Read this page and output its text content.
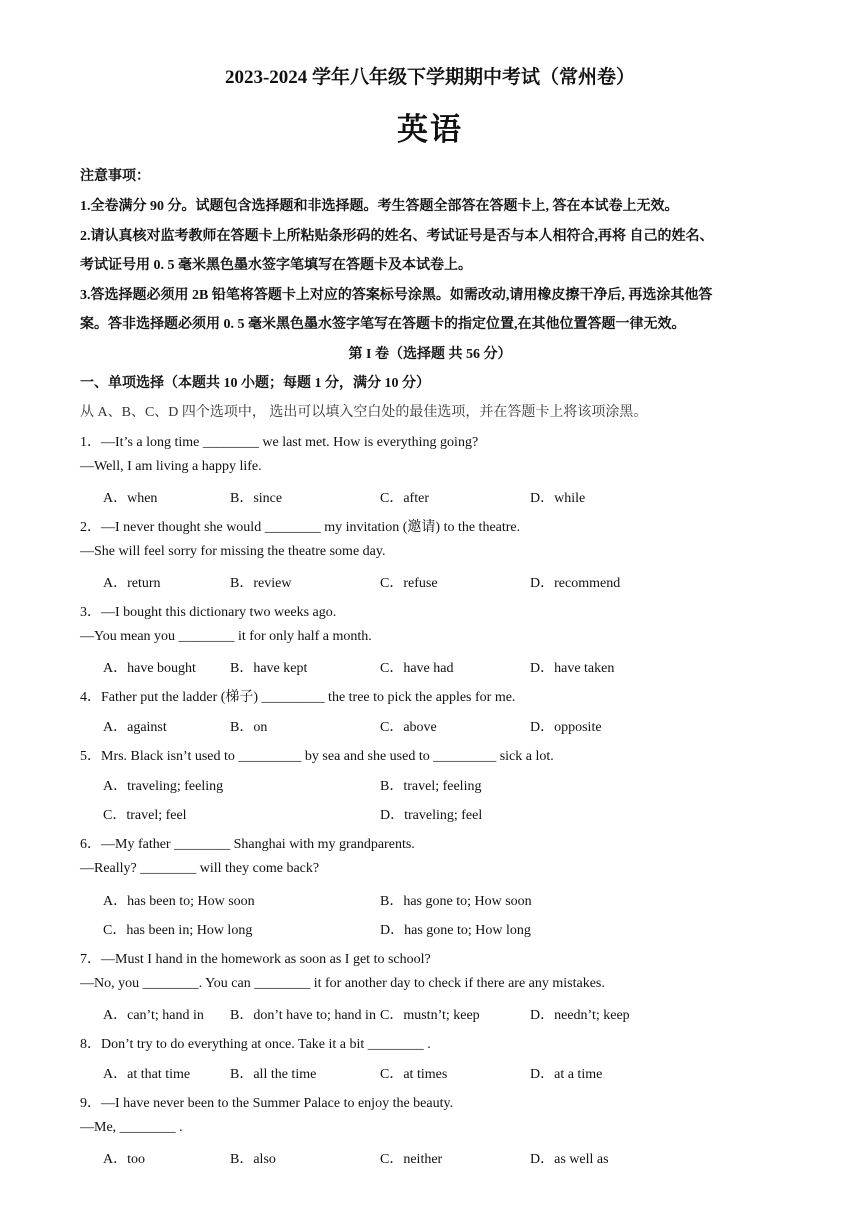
2023-2024 学年八年级下学期期中考试（常州卷）
英语
注意事项：
1.全卷满分 90 分。试题包含选择题和非选择题。考生答题全部答在答题卡上, 答在本试卷上无效。
2.请认真核对监考教师在答题卡上所粘贴条形码的姓名、考试证号是否与本人相符合,再将 自己的姓名、
考试证号用 0. 5 毫米黑色墨水签字笔填写在答题卡及本试卷上。
3.答选择题必须用 2B 铅笔将答题卡上对应的答案标号涂黑。如需改动,请用橡皮擦干净后, 再选涂其他答
案。答非选择题必须用 0. 5 毫米黑色墨水签字笔写在答题卡的指定位置,在其他位置答题一律无效。
第 I 卷（选择题 共 56 分）
一、单项选择（本题共 10 小题；每题 1 分，满分 10 分）
从 A、B、C、D 四个选项中， 选出可以填入空白处的最佳选项，并在答题卡上将该项涂黑。
1．—It’s a long time ________ we last met. How is everything going?
—Well, I am living a happy life.
A．when	B．since	C．after	D．while
2．—I never thought she would ________ my invitation (邀请) to the theatre.
—She will feel sorry for missing the theatre some day.
A．return	B．review	C．refuse	D．recommend
3．—I bought this dictionary two weeks ago.
—You mean you ________ it for only half a month.
A．have bought B．have kept	C．have had	D．have taken
4．Father put the ladder (梯子) _________ the tree to pick the apples for me.
A．against	B．on	C．above	D．opposite
5．Mrs. Black isn’t used to _________ by sea and she used to _________ sick a lot.
A．traveling; feeling	B．travel; feeling
C．travel; feel	D．traveling; feel
6．—My father ________ Shanghai with my grandparents.
—Really? ________ will they come back?
A．has been to; How soon	B．has gone to; How soon
C．has been in; How long	D．has gone to; How long
7．—Must I hand in the homework as soon as I get to school?
—No, you ________. You can ________ it for another day to check if there are any mistakes.
A．can’t; hand in B．don’t have to; hand in C．mustn’t; keep	D．needn’t; keep
8．Don’t try to do everything at once. Take it a bit ________ .
A．at that time	B．all the time	C．at times	D．at a time
9．—I have never been to the Summer Palace to enjoy the beauty.
—Me, ________ .
A．too	B．also	C．neither	D．as well as
